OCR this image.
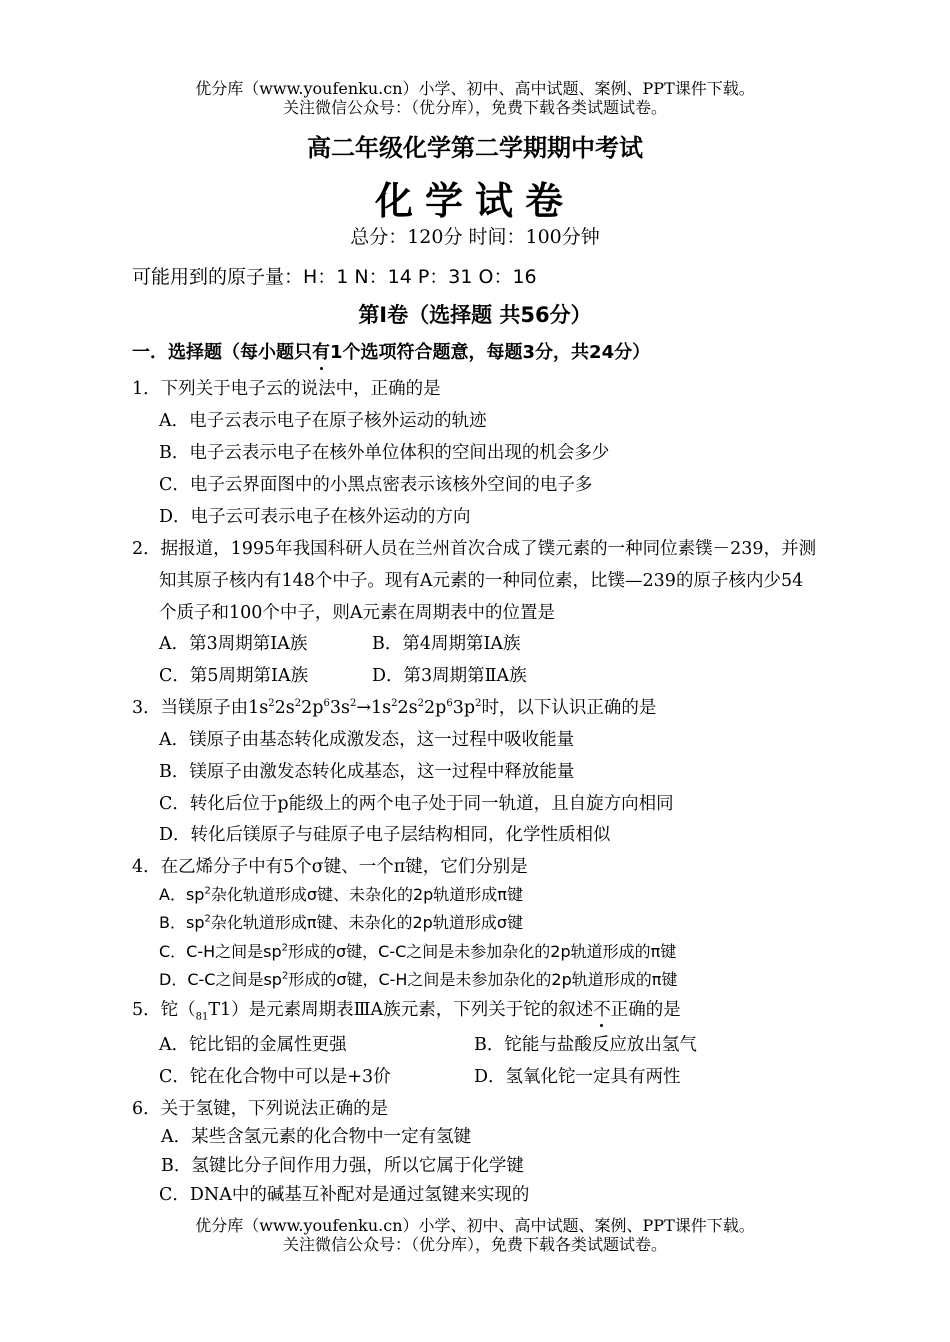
优分库（www.youfenku.cn）小学、初中、高中试题、案例、PPT课件下载。
关注微信公众号：（优分库），免费下载各类试题试卷。
高二年级化学第二学期期中考试
化学试卷
总分：120分 时间：100分钟
可能用到的原子量：H：1 N：14 P：31 O：16
第Ⅰ卷（选择题 共56分）
一．选择题（每小题只有1个选项符合题意，每题3分，共24分）
1．下列关于电子云的说法中，正确的是
A．电子云表示电子在原子核外运动的轨迹
B．电子云表示电子在核外单位体积的空间出现的机会多少
C．电子云界面图中的小黑点密表示该核外空间的电子多
D．电子云可表示电子在核外运动的方向
2．据报道，1995年我国科研人员在兰州首次合成了镤元素的一种同位素镤－239，并测
知其原子核内有148个中子。现有A元素的一种同位素，比镤—239的原子核内少54
个质子和100个中子，则A元素在周期表中的位置是
A．第3周期第ⅠA族	B．第4周期第ⅠA族
C．第5周期第ⅠA族	D．第3周期第ⅡA族
3．当镁原子由$1s^22s^22p^63s^2\to 1s^22s^22p^63p^2$时，以下认识正确的是
A．镁原子由基态转化成激发态，这一过程中吸收能量
B．镁原子由激发态转化成基态，这一过程中释放能量
C．转化后位于p能级上的两个电子处于同一轨道，且自旋方向相同
D．转化后镁原子与硅原子电子层结构相同，化学性质相似
4．在乙烯分子中有5个σ键、一个π键，它们分别是
A．$sp^2$杂化轨道形成σ键、未杂化的2p轨道形成π键
B．$sp^2$杂化轨道形成π键、未杂化的2p轨道形成σ键
C．C-H之间是$sp^2$形成的σ键，C-C之间是未参加杂化的2p轨道形成的π键
D．C-C之间是$sp^2$形成的σ键，C-H之间是未参加杂化的2p轨道形成的π键
5．铊$(_{81}T1)$是元素周期表ⅢA族元素，下列关于铊的叙述不正确的是
A．铊比铝的金属性更强	B．铊能与盐酸反应放出氢气
C．铊在化合物中可以是+3价	D．氢氧化铊一定具有两性
6．关于氢键，下列说法正确的是
A．某些含氢元素的化合物中一定有氢键
B．氢键比分子间作用力强，所以它属于化学键
C．DNA中的碱基互补配对是通过氢键来实现的
优分库（www.youfenku.cn）小学、初中、高中试题、案例、PPT课件下载。
关注微信公众号：（优分库），免费下载各类试题试卷。
